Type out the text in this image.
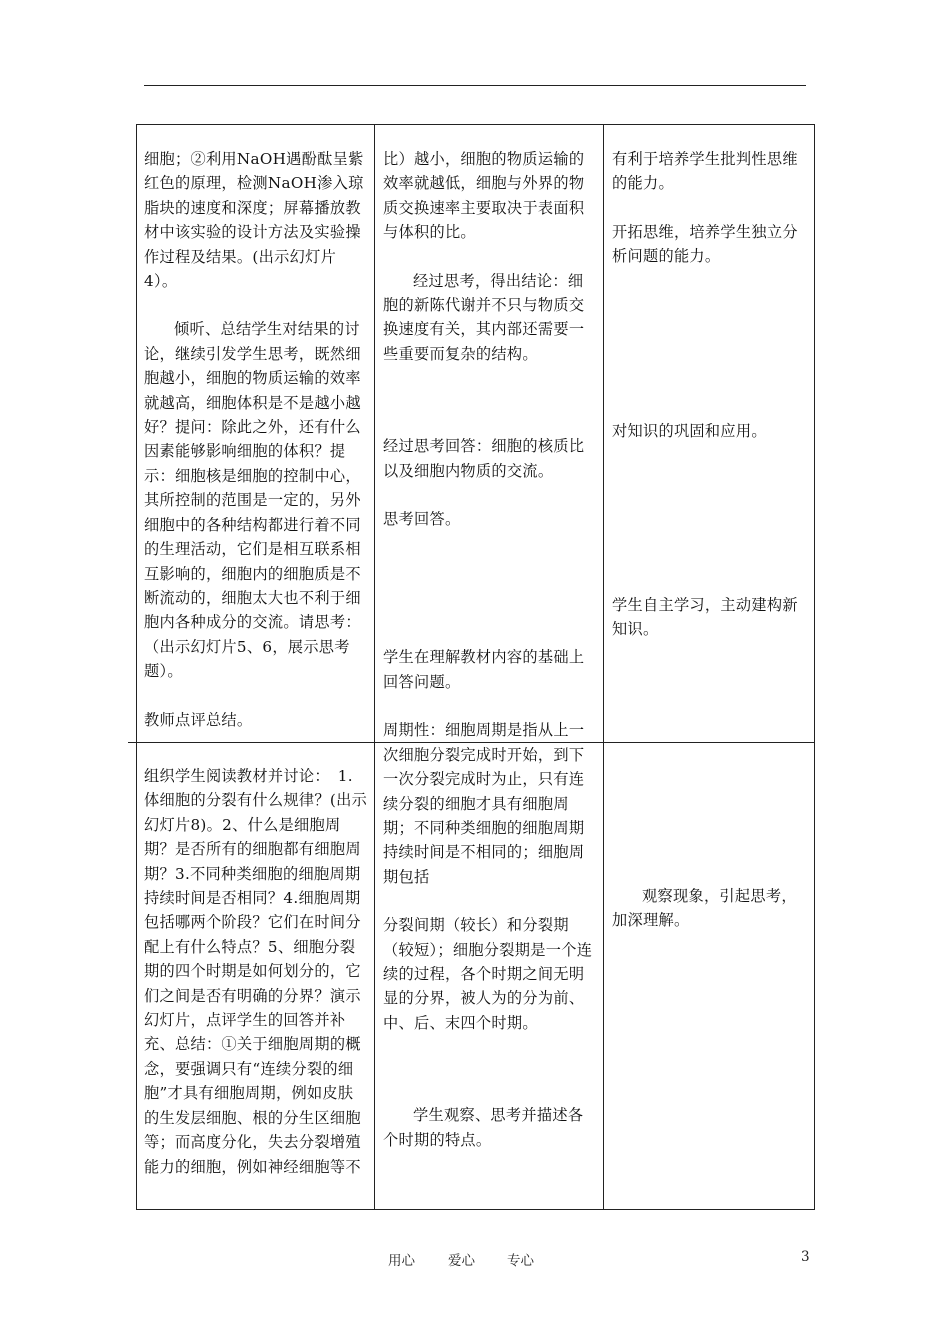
细胞；②利用NaOH遇酚酞呈紫红色的原理，检测NaOH渗入琼脂块的速度和深度；屏幕播放教材中该实验的设计方法及实验操作过程及结果。(出示幻灯片4）。

倾听、总结学生对结果的讨论，继续引发学生思考，既然细胞越小，细胞的物质运输的效率就越高，细胞体积是不是越小越好？提问：除此之外，还有什么因素能够影响细胞的体积？提示：细胞核是细胞的控制中心，其所控制的范围是一定的，另外细胞中的各种结构都进行着不同的生理活动，它们是相互联系相互影响的，细胞内的细胞质是不断流动的，细胞太大也不利于细胞内各种成分的交流。请思考：（出示幻灯片5、6，展示思考题）。

教师点评总结。

比）越小，细胞的物质运输的效率就越低，细胞与外界的物质交换速率主要取决于表面积与体积的比。

经过思考，得出结论：细胞的新陈代谢并不只与物质交换速度有关，其内部还需要一些重要而复杂的结构。

经过思考回答：细胞的核质比以及细胞内物质的交流。

思考回答。

学生在理解教材内容的基础上回答问题。

周期性：细胞周期是指从上一次细胞分裂完成时开始，到下一次分裂完成时为止，只有连续分裂的细胞才具有细胞周期；不同种类细胞的细胞周期持续时间是不相同的；细胞周期包括

分裂间期（较长）和分裂期（较短）；细胞分裂期是一个连续的过程，各个时期之间无明显的分界，被人为的分为前、中、后、末四个时期。

学生观察、思考并描述各个时期的特点。

有利于培养学生批判性思维的能力。

开拓思维，培养学生独立分析问题的能力。

对知识的巩固和应用。

学生自主学习，主动建构新知识。

组织学生阅读教材并讨论：　1.体细胞的分裂有什么规律？(出示幻灯片8)。2、什么是细胞周期？是否所有的细胞都有细胞周期？3.不同种类细胞的细胞周期持续时间是否相同？4.细胞周期包括哪两个阶段？它们在时间分配上有什么特点？5、细胞分裂期的四个时期是如何划分的，它们之间是否有明确的分界？演示幻灯片，点评学生的回答并补充、总结：①关于细胞周期的概念，要强调只有“连续分裂的细胞”才具有细胞周期，例如皮肤的生发层细胞、根的分生区细胞等；而高度分化，失去分裂增殖能力的细胞，例如神经细胞等不

观察现象，引起思考，加深理解。

用心 爱心 专心	3
